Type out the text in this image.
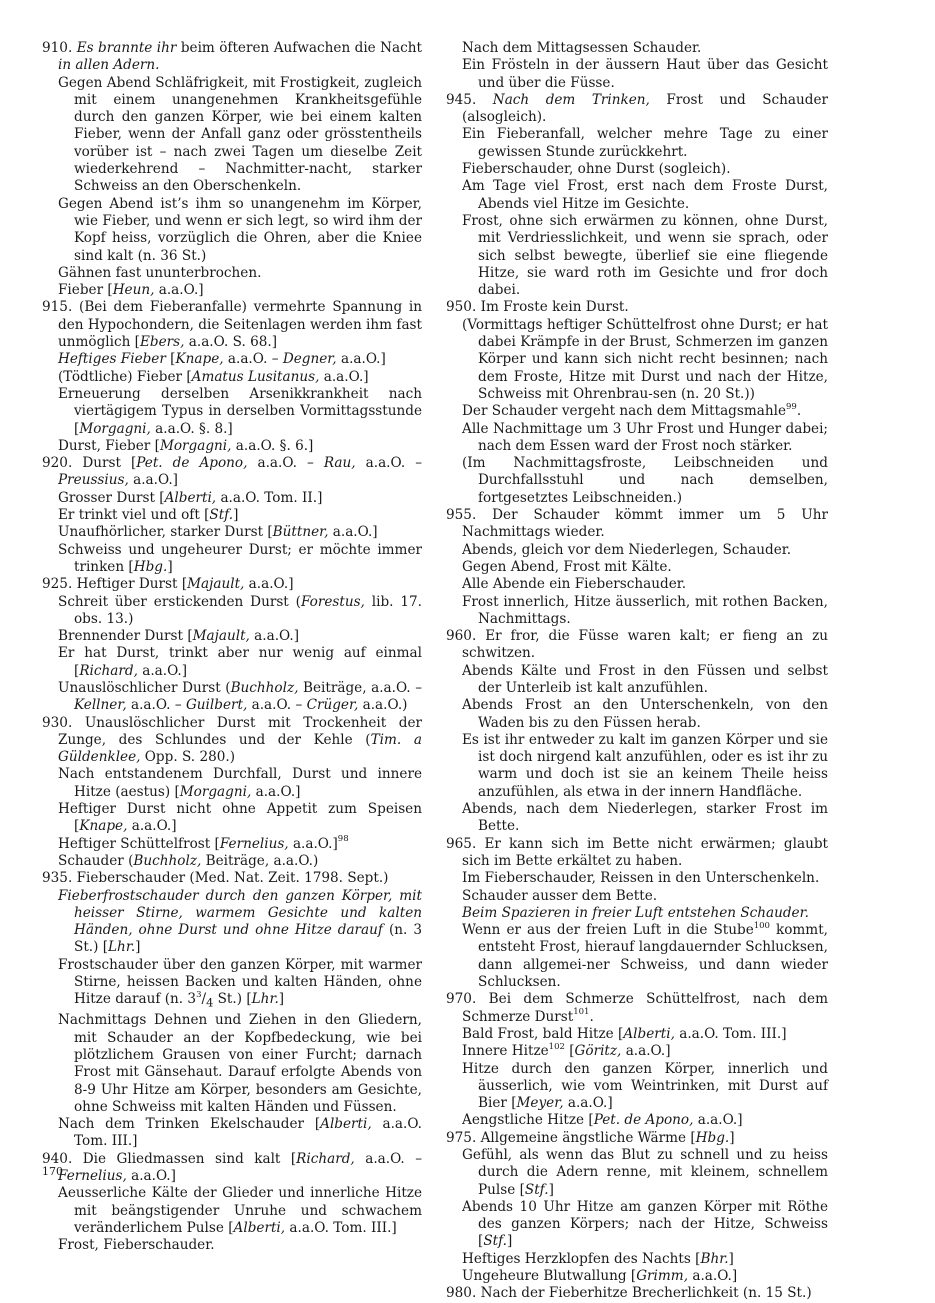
910. Es brannte ihr beim öfteren Aufwachen die Nacht in allen Adern.
Gegen Abend Schläfrigkeit, mit Frostigkeit, zugleich mit einem unangenehmen Krankheitsgefühle durch den ganzen Körper, wie bei einem kalten Fieber, wenn der Anfall ganz oder grösstentheils vorüber ist – nach zwei Tagen um dieselbe Zeit wiederkehrend – Nachmitter-nacht, starker Schweiss an den Oberschenkeln.
Gegen Abend ist’s ihm so unangenehm im Körper, wie Fieber, und wenn er sich legt, so wird ihm der Kopf heiss, vorzüglich die Ohren, aber die Kniee sind kalt (n. 36 St.)
Gähnen fast ununterbrochen.
Fieber [Heun, a.a.O.]
915. (Bei dem Fieberanfalle) vermehrte Spannung in den Hypochondern, die Seitenlagen werden ihm fast unmöglich [Ebers, a.a.O. S. 68.]
Heftiges Fieber [Knape, a.a.O. – Degner, a.a.O.]
(Tödtliche) Fieber [Amatus Lusitanus, a.a.O.]
Erneuerung derselben Arsenikkrankheit nach viertägigem Typus in derselben Vormittagsstunde [Morgagni, a.a.O. §. 8.]
Durst, Fieber [Morgagni, a.a.O. §. 6.]
920. Durst [Pet. de Apono, a.a.O. – Rau, a.a.O. – Preussius, a.a.O.]
Grosser Durst [Alberti, a.a.O. Tom. II.]
Er trinkt viel und oft [Stf.]
Unaufhörlicher, starker Durst [Büttner, a.a.O.]
Schweiss und ungeheurer Durst; er möchte immer trinken [Hbg.]
925. Heftiger Durst [Majault, a.a.O.]
Schreit über erstickenden Durst (Forestus, lib. 17. obs. 13.)
Brennender Durst [Majault, a.a.O.]
Er hat Durst, trinkt aber nur wenig auf einmal [Richard, a.a.O.]
Unauslöschlicher Durst (Buchholz, Beiträge, a.a.O. – Kellner, a.a.O. – Guilbert, a.a.O. – Crüger, a.a.O.)
930. Unauslöschlicher Durst mit Trockenheit der Zunge, des Schlundes und der Kehle (Tim. a Güldenklee, Opp. S. 280.)
Nach entstandenem Durchfall, Durst und innere Hitze (aestus) [Morgagni, a.a.O.]
Heftiger Durst nicht ohne Appetit zum Speisen [Knape, a.a.O.]
Heftiger Schüttelfrost [Fernelius, a.a.O.]$^{98}$
Schauder (Buchholz, Beiträge, a.a.O.)
935. Fieberschauder (Med. Nat. Zeit. 1798. Sept.)
Fieberfrostschauder durch den ganzen Körper, mit heisser Stirne, warmem Gesichte und kalten Händen, ohne Durst und ohne Hitze darauf (n. 3 St.) [Lhr.]
Frostschauder über den ganzen Körper, mit warmer Stirne, heissen Backen und kalten Händen, ohne Hitze darauf (n. $3^3/_4$ St.) [Lhr.]
Nachmittags Dehnen und Ziehen in den Gliedern, mit Schauder an der Kopfbedeckung, wie bei plötzlichem Grausen von einer Furcht; darnach Frost mit Gänsehaut. Darauf erfolgte Abends von 8-9 Uhr Hitze am Körper, besonders am Gesichte, ohne Schweiss mit kalten Händen und Füssen.
Nach dem Trinken Ekelschauder [Alberti, a.a.O. Tom. III.]
940. Die Gliedmassen sind kalt [Richard, a.a.O. – Fernelius, a.a.O.]
Aeusserliche Kälte der Glieder und innerliche Hitze mit beängstigender Unruhe und schwachem veränderlichem Pulse [Alberti, a.a.O. Tom. III.]
Frost, Fieberschauder.
Nach dem Mittagsessen Schauder.
Ein Frösteln in der äussern Haut über das Gesicht und über die Füsse.
945. Nach dem Trinken, Frost und Schauder (alsogleich).
Ein Fieberanfall, welcher mehre Tage zu einer gewissen Stunde zurückkehrt.
Fieberschauder, ohne Durst (sogleich).
Am Tage viel Frost, erst nach dem Froste Durst, Abends viel Hitze im Gesichte.
Frost, ohne sich erwärmen zu können, ohne Durst, mit Verdriesslichkeit, und wenn sie sprach, oder sich selbst bewegte, überlief sie eine fliegende Hitze, sie ward roth im Gesichte und fror doch dabei.
950. Im Froste kein Durst.
(Vormittags heftiger Schüttelfrost ohne Durst; er hat dabei Krämpfe in der Brust, Schmerzen im ganzen Körper und kann sich nicht recht besinnen; nach dem Froste, Hitze mit Durst und nach der Hitze, Schweiss mit Ohrenbrau-sen (n. 20 St.))
Der Schauder vergeht nach dem Mittagsmahle$^{99}$.
Alle Nachmittage um 3 Uhr Frost und Hunger dabei; nach dem Essen ward der Frost noch stärker.
(Im Nachmittagsfroste, Leibschneiden und Durchfallsstuhl und nach demselben, fortgesetztes Leibschneiden.)
955. Der Schauder kömmt immer um 5 Uhr Nachmittags wieder.
Abends, gleich vor dem Niederlegen, Schauder.
Gegen Abend, Frost mit Kälte.
Alle Abende ein Fieberschauder.
Frost innerlich, Hitze äusserlich, mit rothen Backen, Nachmittags.
960. Er fror, die Füsse waren kalt; er fieng an zu schwitzen.
Abends Kälte und Frost in den Füssen und selbst der Unterleib ist kalt anzufühlen.
Abends Frost an den Unterschenkeln, von den Waden bis zu den Füssen herab.
Es ist ihr entweder zu kalt im ganzen Körper und sie ist doch nirgend kalt anzufühlen, oder es ist ihr zu warm und doch ist sie an keinem Theile heiss anzufühlen, als etwa in der innern Handfläche.
Abends, nach dem Niederlegen, starker Frost im Bette.
965. Er kann sich im Bette nicht erwärmen; glaubt sich im Bette erkältet zu haben.
Im Fieberschauder, Reissen in den Unterschenkeln.
Schauder ausser dem Bette.
Beim Spazieren in freier Luft entstehen Schauder.
Wenn er aus der freien Luft in die Stube$^{100}$ kommt, entsteht Frost, hierauf langdauernder Schlucksen, dann allgemei-ner Schweiss, und dann wieder Schlucksen.
970. Bei dem Schmerze Schüttelfrost, nach dem Schmerze Durst$^{101}$.
Bald Frost, bald Hitze [Alberti, a.a.O. Tom. III.]
Innere Hitze$^{102}$ [Göritz, a.a.O.]
Hitze durch den ganzen Körper, innerlich und äusserlich, wie vom Weintrinken, mit Durst auf Bier [Meyer, a.a.O.]
Aengstliche Hitze [Pet. de Apono, a.a.O.]
975. Allgemeine ängstliche Wärme [Hbg.]
Gefühl, als wenn das Blut zu schnell und zu heiss durch die Adern renne, mit kleinem, schnellem Pulse [Stf.]
Abends 10 Uhr Hitze am ganzen Körper mit Röthe des ganzen Körpers; nach der Hitze, Schweiss [Stf.]
Heftiges Herzklopfen des Nachts [Bhr.]
Ungeheure Blutwallung [Grimm, a.a.O.]
980. Nach der Fieberhitze Brecherlichkeit (n. 15 St.)
170
